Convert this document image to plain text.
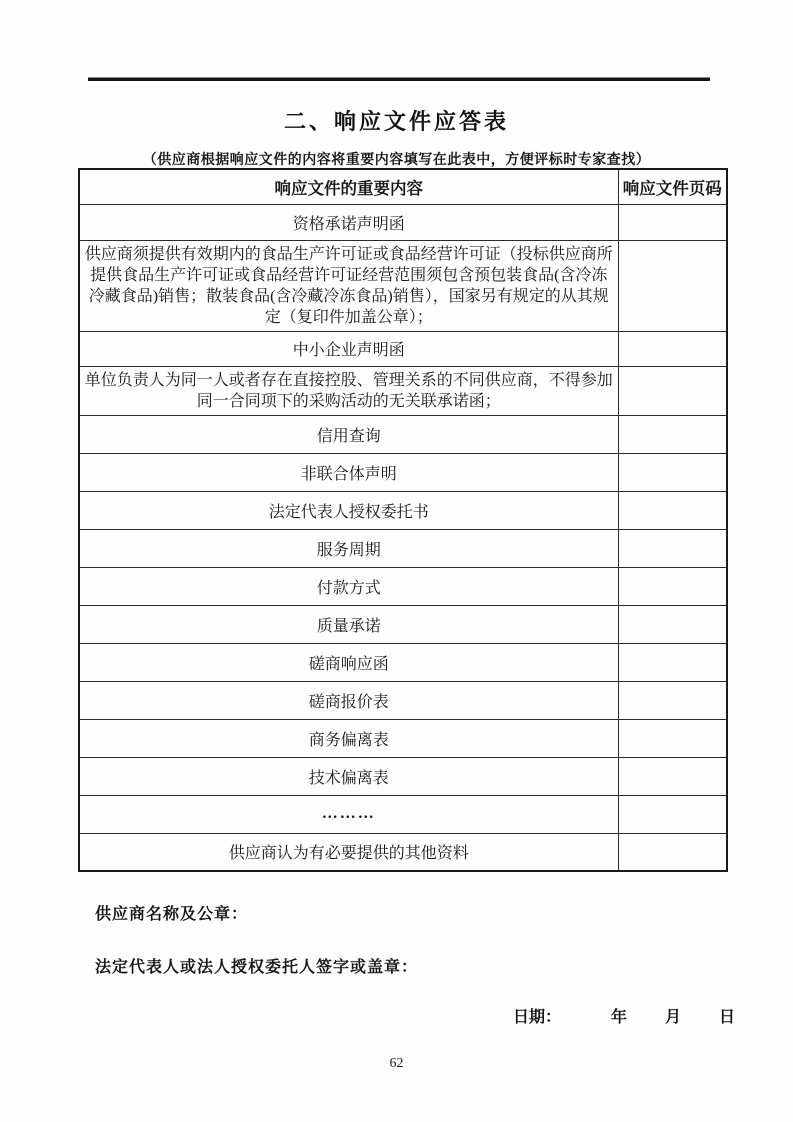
二、响应文件应答表
（供应商根据响应文件的内容将重要内容填写在此表中，方便评标时专家查找）
响应文件的重要内容	响应文件页码
资格承诺声明函	
供应商须提供有效期内的食品生产许可证或食品经营许可证（投标供应商所提供食品生产许可证或食品经营许可证经营范围须包含预包装食品(含冷冻冷藏食品)销售；散装食品(含冷藏冷冻食品)销售），国家另有规定的从其规定（复印件加盖公章）；	
中小企业声明函	
单位负责人为同一人或者存在直接控股、管理关系的不同供应商，不得参加同一合同项下的采购活动的无关联承诺函；	
信用查询	
非联合体声明	
法定代表人授权委托书	
服务周期	
付款方式	
质量承诺	
磋商响应函	
磋商报价表	
商务偏离表	
技术偏离表	
………	
供应商认为有必要提供的其他资料	
供应商名称及公章：
法定代表人或法人授权委托人签字或盖章：
日期：	年 月 日
62
